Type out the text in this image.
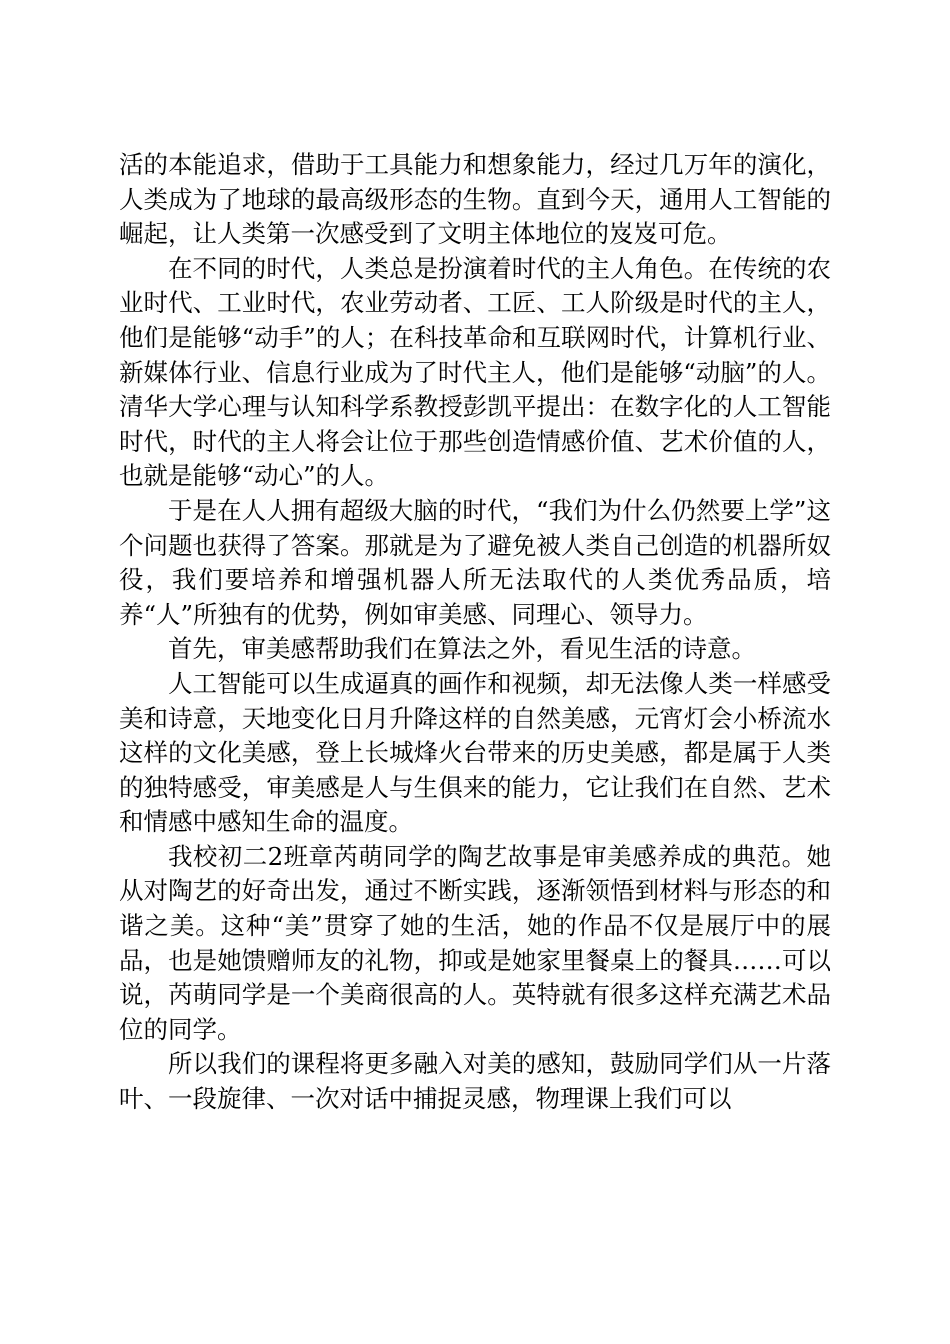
活的本能追求，借助于工具能力和想象能力，经过几万年的演化，人类成为了地球的最高级形态的生物。直到今天，通用人工智能的崛起，让人类第一次感受到了文明主体地位的岌岌可危。

在不同的时代，人类总是扮演着时代的主人角色。在传统的农业时代、工业时代，农业劳动者、工匠、工人阶级是时代的主人，他们是能够“动手”的人；在科技革命和互联网时代，计算机行业、新媒体行业、信息行业成为了时代主人，他们是能够“动脑”的人。清华大学心理与认知科学系教授彭凯平提出：在数字化的人工智能时代，时代的主人将会让位于那些创造情感价值、艺术价值的人，也就是能够“动心”的人。

于是在人人拥有超级大脑的时代，“我们为什么仍然要上学”这个问题也获得了答案。那就是为了避免被人类自己创造的机器所奴役，我们要培养和增强机器人所无法取代的人类优秀品质，培养“人”所独有的优势，例如审美感、同理心、领导力。

首先，审美感帮助我们在算法之外，看见生活的诗意。

人工智能可以生成逼真的画作和视频，却无法像人类一样感受美和诗意，天地变化日月升降这样的自然美感，元宵灯会小桥流水这样的文化美感，登上长城烽火台带来的历史美感，都是属于人类的独特感受，审美感是人与生俱来的能力，它让我们在自然、艺术和情感中感知生命的温度。

我校初二2班章芮萌同学的陶艺故事是审美感养成的典范。她从对陶艺的好奇出发，通过不断实践，逐渐领悟到材料与形态的和谐之美。这种“美”贯穿了她的生活，她的作品不仅是展厅中的展品，也是她馈赠师友的礼物，抑或是她家里餐桌上的餐具……可以说，芮萌同学是一个美商很高的人。英特就有很多这样充满艺术品位的同学。

所以我们的课程将更多融入对美的感知，鼓励同学们从一片落叶、一段旋律、一次对话中捕捉灵感，物理课上我们可以
